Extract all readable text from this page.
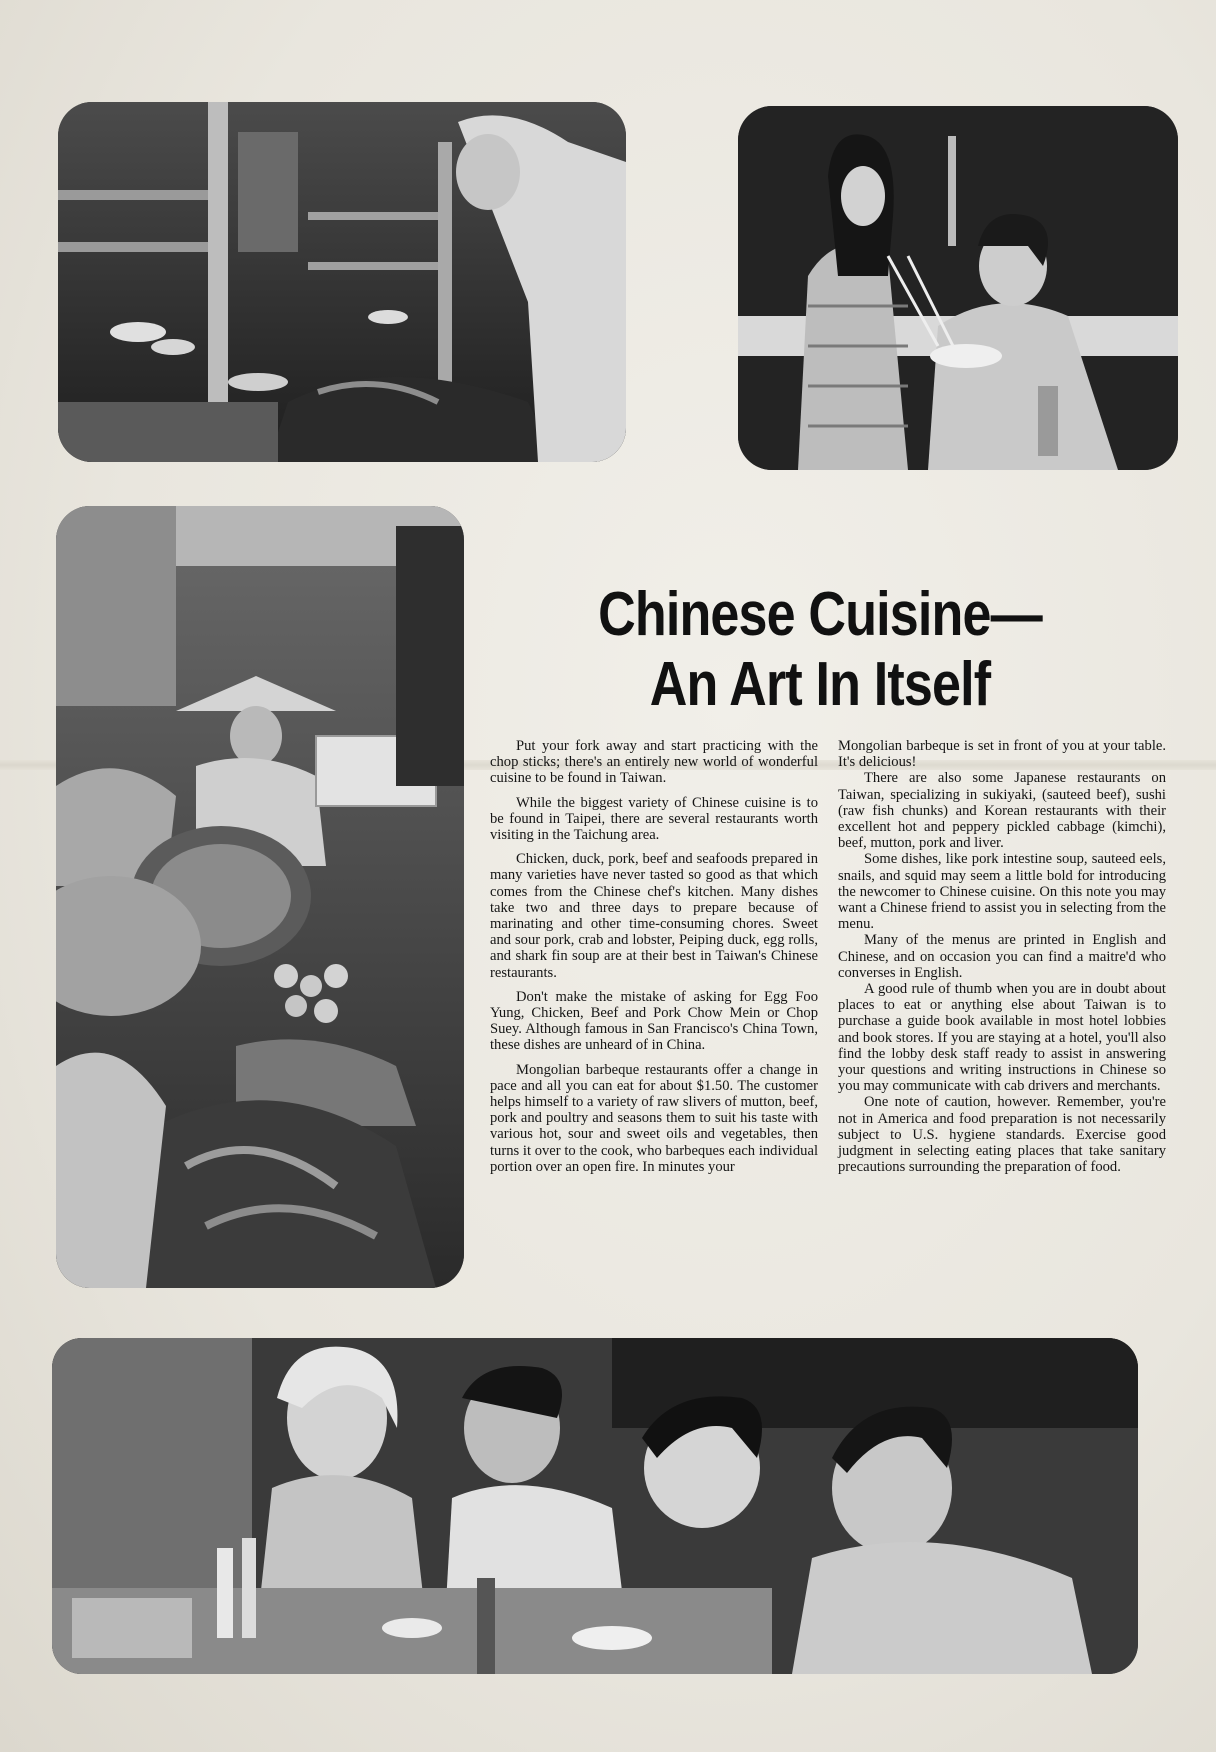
Chinese Cuisine—
An Art In Itself

Put your fork away and start practicing with the chop sticks; there's an entirely new world of wonderful cuisine to be found in Taiwan.

While the biggest variety of Chinese cuisine is to be found in Taipei, there are several restaurants worth visiting in the Taichung area.

Chicken, duck, pork, beef and seafoods prepared in many varieties have never tasted so good as that which comes from the Chinese chef's kitchen. Many dishes take two and three days to prepare because of marinating and other time-consuming chores. Sweet and sour pork, crab and lobster, Peiping duck, egg rolls, and shark fin soup are at their best in Taiwan's Chinese restaurants.

Don't make the mistake of asking for Egg Foo Yung, Chicken, Beef and Pork Chow Mein or Chop Suey. Although famous in San Francisco's China Town, these dishes are unheard of in China.

Mongolian barbeque restaurants offer a change in pace and all you can eat for about $1.50. The customer helps himself to a variety of raw slivers of mutton, beef, pork and poultry and seasons them to suit his taste with various hot, sour and sweet oils and vegetables, then turns it over to the cook, who barbeques each individual portion over an open fire. In minutes your

Mongolian barbeque is set in front of you at your table. It's delicious!

There are also some Japanese restaurants on Taiwan, specializing in sukiyaki, (sauteed beef), sushi (raw fish chunks) and Korean restaurants with their excellent hot and peppery pickled cabbage (kimchi), beef, mutton, pork and liver.

Some dishes, like pork intestine soup, sauteed eels, snails, and squid may seem a little bold for introducing the newcomer to Chinese cuisine. On this note you may want a Chinese friend to assist you in selecting from the menu.

Many of the menus are printed in English and Chinese, and on occasion you can find a maitre'd who converses in English.

A good rule of thumb when you are in doubt about places to eat or anything else about Taiwan is to purchase a guide book available in most hotel lobbies and book stores. If you are staying at a hotel, you'll also find the lobby desk staff ready to assist in answering your questions and writing instructions in Chinese so you may communicate with cab drivers and merchants.

One note of caution, however. Remember, you're not in America and food preparation is not necessarily subject to U.S. hygiene standards. Exercise good judgment in selecting eating places that take sanitary precautions surrounding the preparation of food.
